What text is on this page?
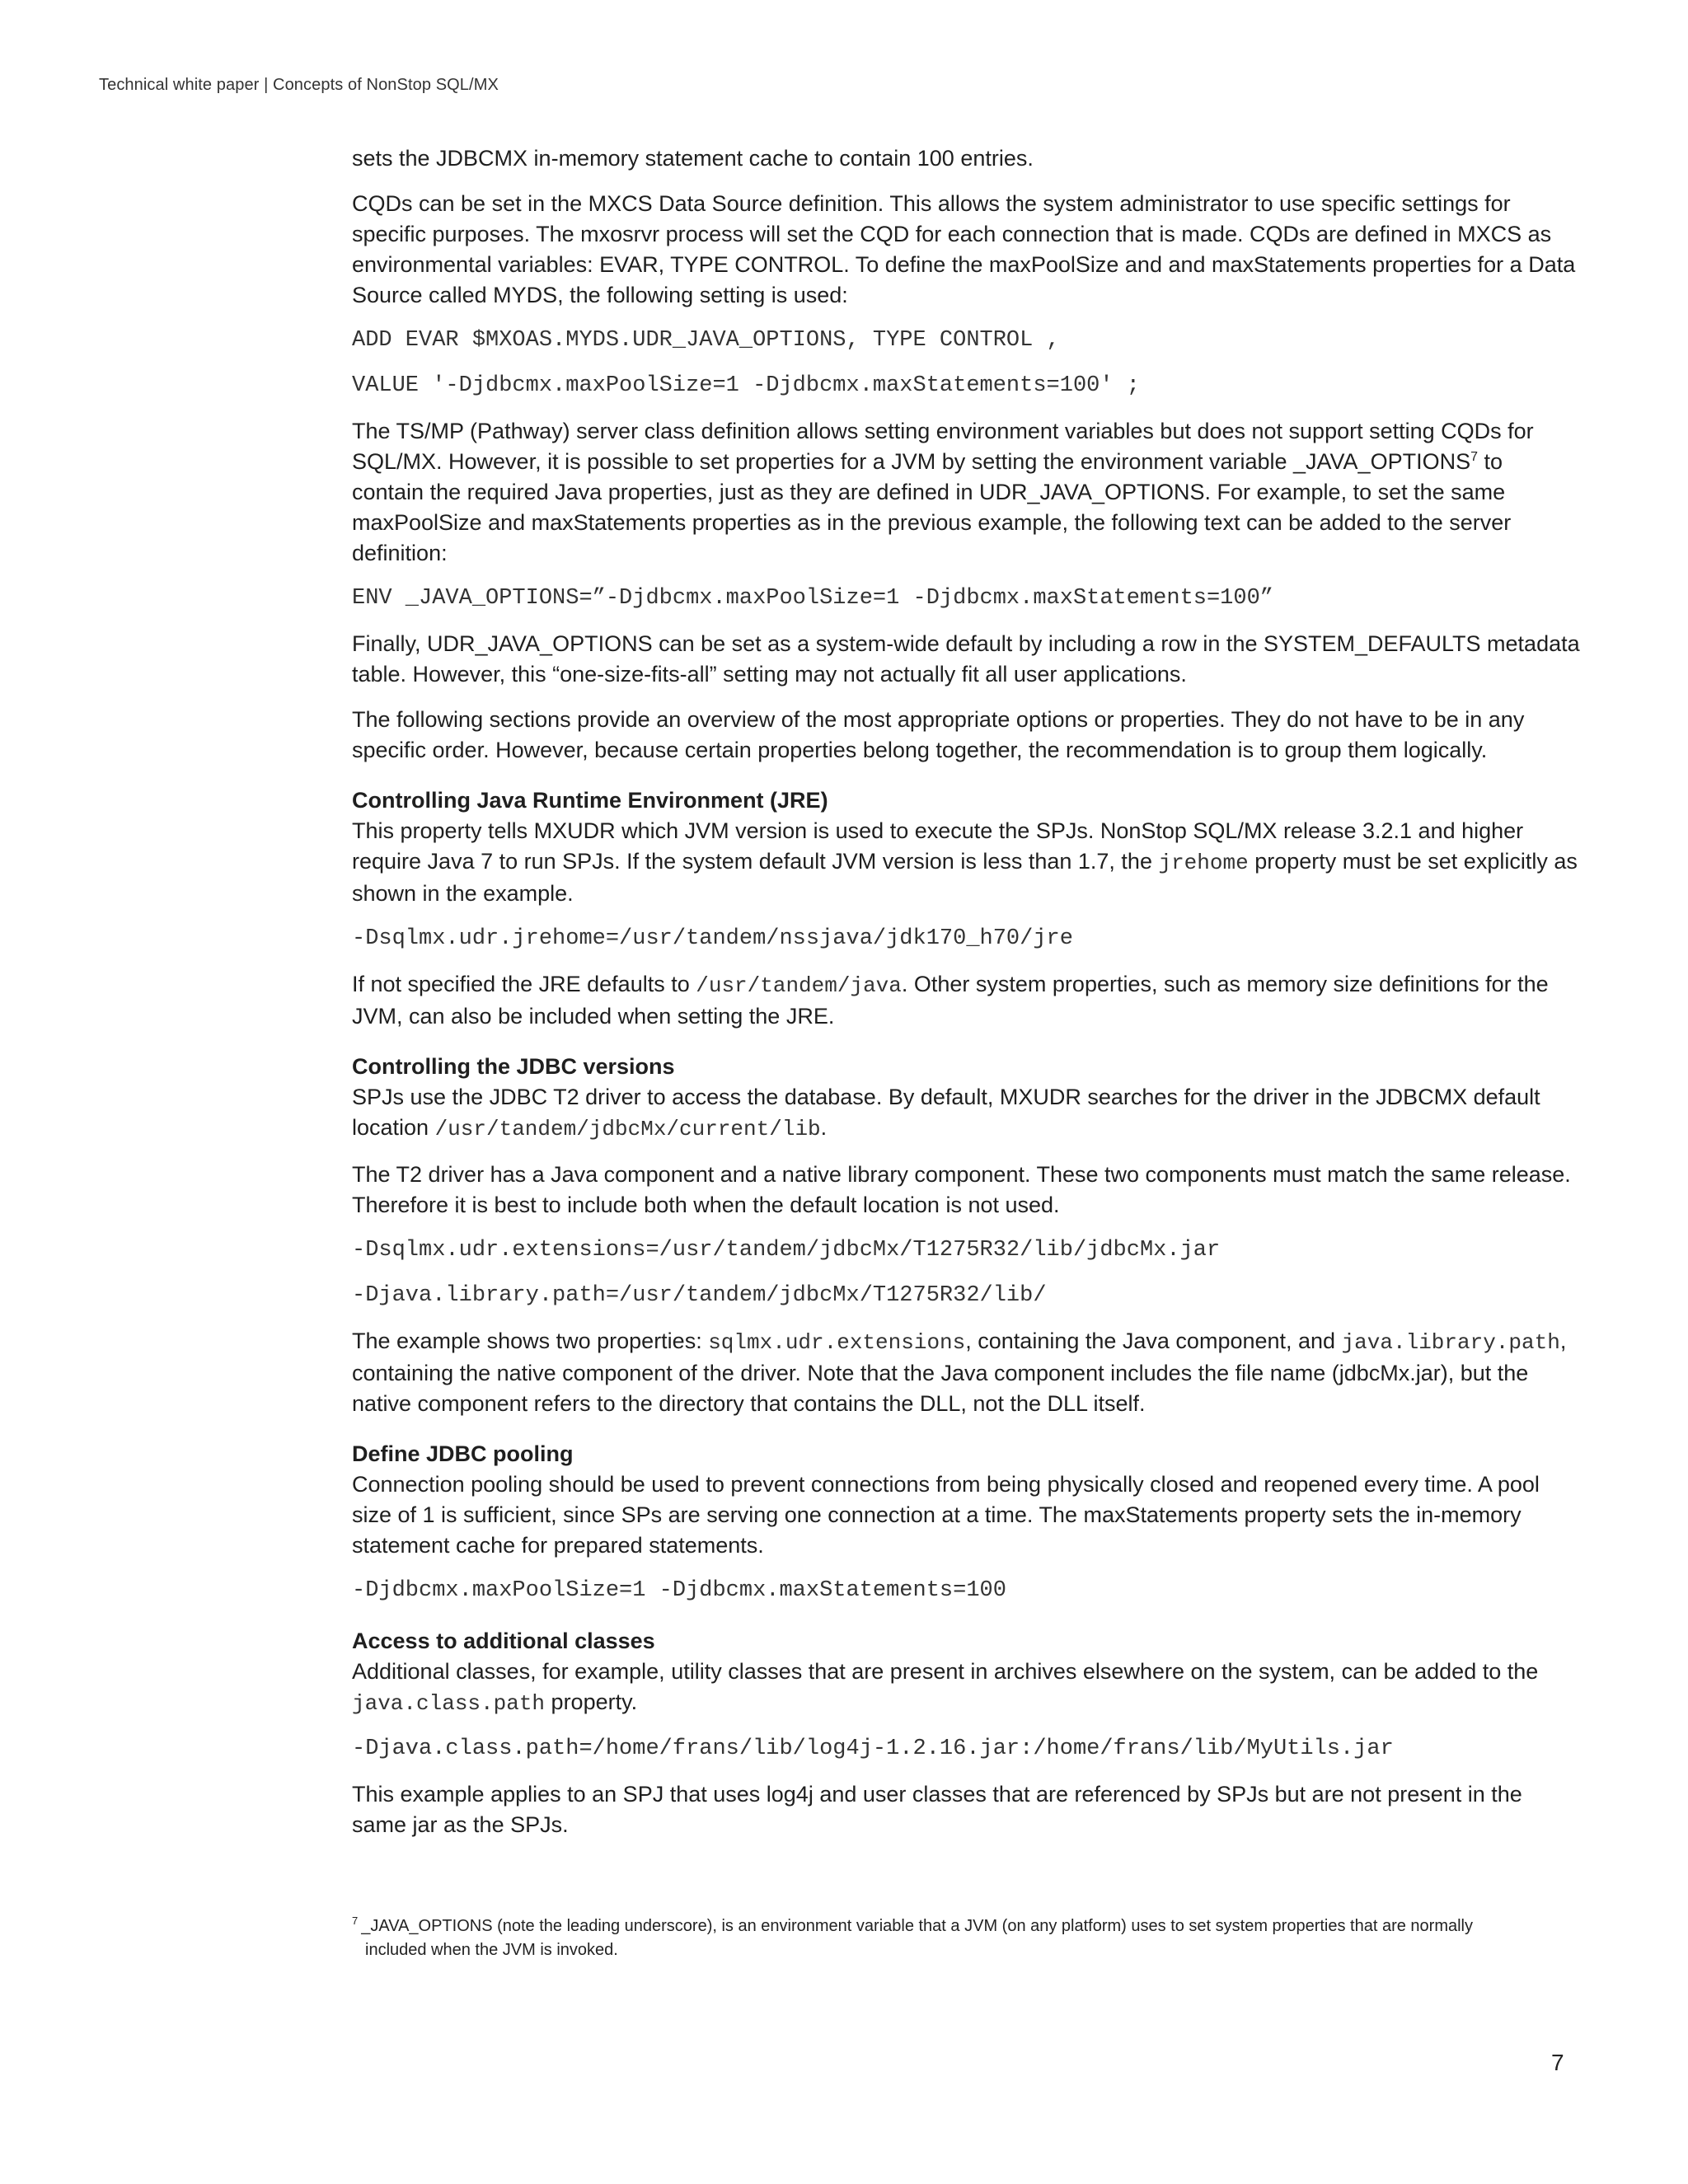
Technical white paper | Concepts of NonStop SQL/MX

sets the JDBCMX in-memory statement cache to contain 100 entries.

CQDs can be set in the MXCS Data Source definition. This allows the system administrator to use specific settings for specific purposes. The mxosrvr process will set the CQD for each connection that is made. CQDs are defined in MXCS as environmental variables: EVAR, TYPE CONTROL. To define the maxPoolSize and and maxStatements properties for a Data Source called MYDS, the following setting is used:

ADD EVAR $MXOAS.MYDS.UDR_JAVA_OPTIONS, TYPE CONTROL ,

VALUE '-Djdbcmx.maxPoolSize=1 -Djdbcmx.maxStatements=100' ;

The TS/MP (Pathway) server class definition allows setting environment variables but does not support setting CQDs for SQL/MX. However, it is possible to set properties for a JVM by setting the environment variable _JAVA_OPTIONS$^7$ to contain the required Java properties, just as they are defined in UDR_JAVA_OPTIONS. For example, to set the same maxPoolSize and maxStatements properties as in the previous example, the following text can be added to the server definition:

ENV _JAVA_OPTIONS=”-Djdbcmx.maxPoolSize=1 -Djdbcmx.maxStatements=100”

Finally, UDR_JAVA_OPTIONS can be set as a system-wide default by including a row in the SYSTEM_DEFAULTS metadata table. However, this “one-size-fits-all” setting may not actually fit all user applications.

The following sections provide an overview of the most appropriate options or properties. They do not have to be in any specific order. However, because certain properties belong together, the recommendation is to group them logically.

Controlling Java Runtime Environment (JRE)

This property tells MXUDR which JVM version is used to execute the SPJs. NonStop SQL/MX release 3.2.1 and higher require Java 7 to run SPJs. If the system default JVM version is less than 1.7, the jrehome property must be set explicitly as shown in the example.

-Dsqlmx.udr.jrehome=/usr/tandem/nssjava/jdk170_h70/jre

If not specified the JRE defaults to /usr/tandem/java. Other system properties, such as memory size definitions for the JVM, can also be included when setting the JRE.

Controlling the JDBC versions

SPJs use the JDBC T2 driver to access the database. By default, MXUDR searches for the driver in the JDBCMX default location /usr/tandem/jdbcMx/current/lib.

The T2 driver has a Java component and a native library component. These two components must match the same release. Therefore it is best to include both when the default location is not used.

-Dsqlmx.udr.extensions=/usr/tandem/jdbcMx/T1275R32/lib/jdbcMx.jar

-Djava.library.path=/usr/tandem/jdbcMx/T1275R32/lib/

The example shows two properties: sqlmx.udr.extensions, containing the Java component, and java.library.path, containing the native component of the driver. Note that the Java component includes the file name (jdbcMx.jar), but the native component refers to the directory that contains the DLL, not the DLL itself.

Define JDBC pooling

Connection pooling should be used to prevent connections from being physically closed and reopened every time. A pool size of 1 is sufficient, since SPs are serving one connection at a time. The maxStatements property sets the in-memory statement cache for prepared statements.

-Djdbcmx.maxPoolSize=1 -Djdbcmx.maxStatements=100

Access to additional classes

Additional classes, for example, utility classes that are present in archives elsewhere on the system, can be added to the java.class.path property.

-Djava.class.path=/home/frans/lib/log4j-1.2.16.jar:/home/frans/lib/MyUtils.jar

This example applies to an SPJ that uses log4j and user classes that are referenced by SPJs but are not present in the same jar as the SPJs.

$^7$ _JAVA_OPTIONS (note the leading underscore), is an environment variable that a JVM (on any platform) uses to set system properties that are normally
included when the JVM is invoked.
7
